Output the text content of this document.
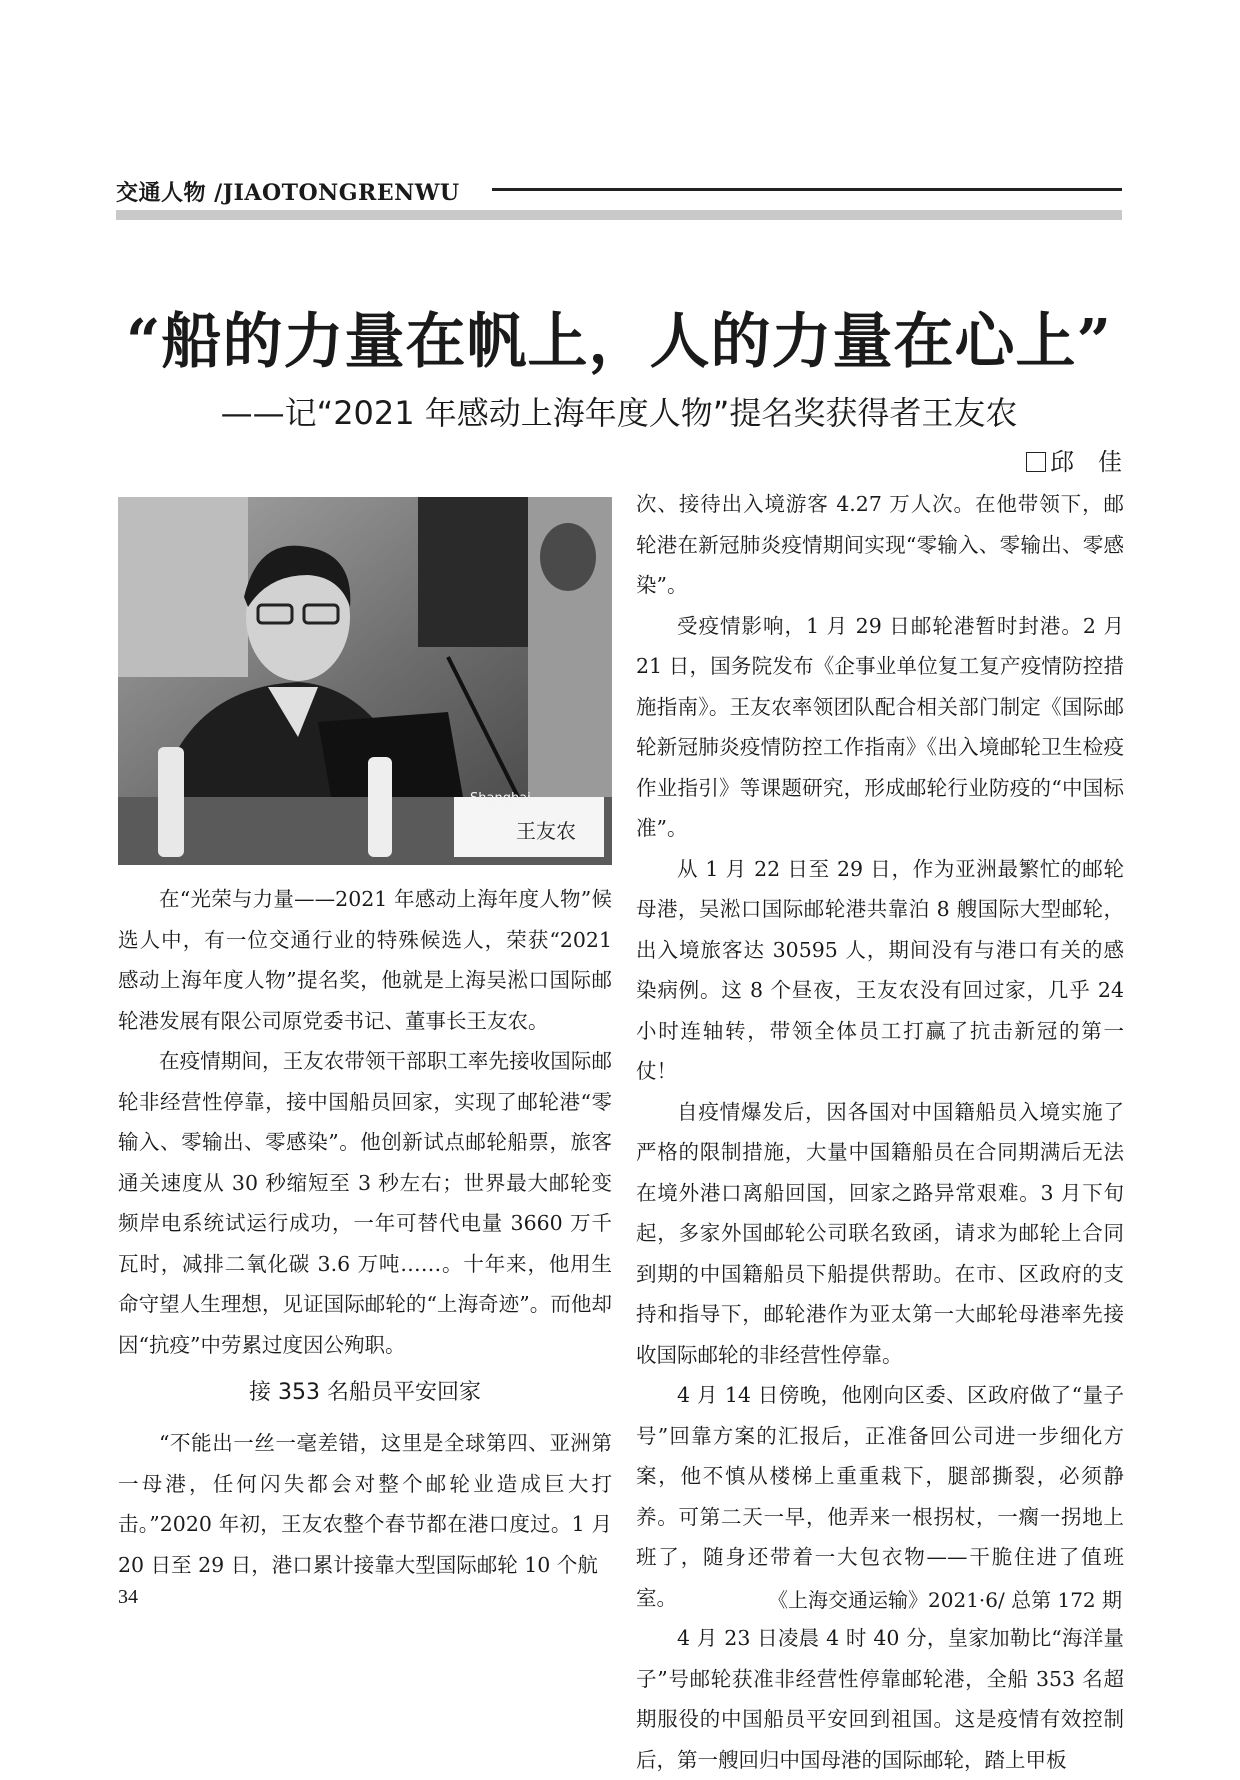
交通人物 /JIAOTONGRENWU
“船的力量在帆上，人的力量在心上”
——记“2021 年感动上海年度人物”提名奖获得者王友农
邱　佳
Shanghai
王友农

在“光荣与力量——2021 年感动上海年度人物”候选人中，有一位交通行业的特殊候选人，荣获“2021 感动上海年度人物”提名奖，他就是上海吴淞口国际邮轮港发展有限公司原党委书记、董事长王友农。

在疫情期间，王友农带领干部职工率先接收国际邮轮非经营性停靠，接中国船员回家，实现了邮轮港“零输入、零输出、零感染”。他创新试点邮轮船票，旅客通关速度从 30 秒缩短至 3 秒左右；世界最大邮轮变频岸电系统试运行成功，一年可替代电量 3660 万千瓦时，减排二氧化碳 3.6 万吨……。十年来，他用生命守望人生理想，见证国际邮轮的“上海奇迹”。而他却因“抗疫”中劳累过度因公殉职。

接 353 名船员平安回家

“不能出一丝一毫差错，这里是全球第四、亚洲第一母港，任何闪失都会对整个邮轮业造成巨大打击。”2020 年初，王友农整个春节都在港口度过。1 月 20 日至 29 日，港口累计接靠大型国际邮轮 10 个航

次、接待出入境游客 4.27 万人次。在他带领下，邮轮港在新冠肺炎疫情期间实现“零输入、零输出、零感染”。

受疫情影响，1 月 29 日邮轮港暂时封港。2 月 21 日，国务院发布《企事业单位复工复产疫情防控措施指南》。王友农率领团队配合相关部门制定《国际邮轮新冠肺炎疫情防控工作指南》《出入境邮轮卫生检疫作业指引》等课题研究，形成邮轮行业防疫的“中国标准”。

从 1 月 22 日至 29 日，作为亚洲最繁忙的邮轮母港，吴淞口国际邮轮港共靠泊 8 艘国际大型邮轮，出入境旅客达 30595 人，期间没有与港口有关的感染病例。这 8 个昼夜，王友农没有回过家，几乎 24 小时连轴转，带领全体员工打赢了抗击新冠的第一仗！

自疫情爆发后，因各国对中国籍船员入境实施了严格的限制措施，大量中国籍船员在合同期满后无法在境外港口离船回国，回家之路异常艰难。3 月下旬起，多家外国邮轮公司联名致函，请求为邮轮上合同到期的中国籍船员下船提供帮助。在市、区政府的支持和指导下，邮轮港作为亚太第一大邮轮母港率先接收国际邮轮的非经营性停靠。

4 月 14 日傍晚，他刚向区委、区政府做了“量子号”回靠方案的汇报后，正准备回公司进一步细化方案，他不慎从楼梯上重重栽下，腿部撕裂，必须静养。可第二天一早，他弄来一根拐杖，一瘸一拐地上班了，随身还带着一大包衣物——干脆住进了值班室。

4 月 23 日凌晨 4 时 40 分，皇家加勒比“海洋量子”号邮轮获准非经营性停靠邮轮港，全船 353 名超期服役的中国船员平安回到祖国。这是疫情有效控制后，第一艘回归中国母港的国际邮轮，踏上甲板

34	《上海交通运输》2021·6/ 总第 172 期
